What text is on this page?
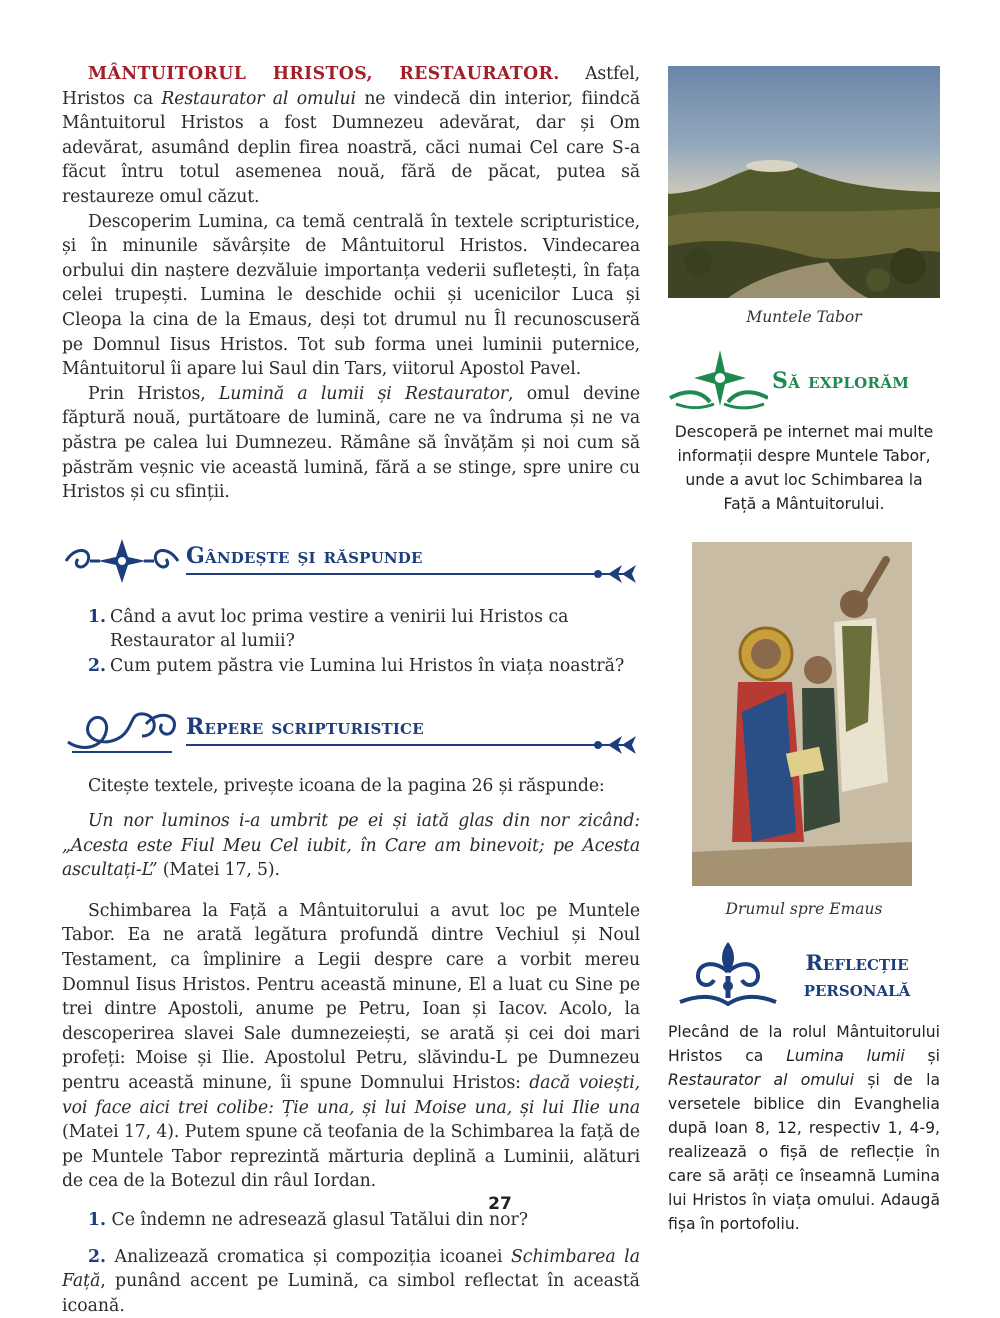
MÂNTUITORUL HRISTOS, RESTAURATOR. Astfel, Hristos ca Restaurator al omului ne vindecă din interior, fiindcă Mântuitorul Hristos a fost Dumnezeu adevărat, dar și Om adevărat, asumând deplin firea noastră, căci numai Cel care S-a făcut întru totul asemenea nouă, fără de păcat, putea să restaureze omul căzut.

Descoperim Lumina, ca temă centrală în textele scripturistice, și în minunile săvârșite de Mântuitorul Hristos. Vindecarea orbului din naștere dezvăluie importanța vederii sufletești, în fața celei trupești. Lumina le deschide ochii și ucenicilor Luca și Cleopa la cina de la Emaus, deși tot drumul nu Îl recunoscuseră pe Domnul Iisus Hristos. Tot sub forma unei luminii puternice, Mântuitorul îi apare lui Saul din Tars, viitorul Apostol Pavel.

Prin Hristos, Lumină a lumii și Restaurator, omul devine făptură nouă, purtătoare de lumină, care ne va îndruma și ne va păstra pe calea lui Dumnezeu. Rămâne să învățăm și noi cum să păstrăm veșnic vie această lumină, fără a se stinge, spre unire cu Hristos și cu sfinții.

Gândește și răspunde
1. Când a avut loc prima vestire a venirii lui Hristos ca Restaurator al lumii?
2. Cum putem păstra vie Lumina lui Hristos în viața noastră?
Repere scripturistice

Citește textele, privește icoana de la pagina 26 și răspunde:

Un nor luminos i-a umbrit pe ei și iată glas din nor zicând: „Acesta este Fiul Meu Cel iubit, în Care am binevoit; pe Acesta ascultați-L” (Matei 17, 5).

Schimbarea la Față a Mântuitorului a avut loc pe Muntele Tabor. Ea ne arată legătura profundă dintre Vechiul și Noul Testament, ca împlinire a Legii despre care a vorbit mereu Domnul Iisus Hristos. Pentru această minune, El a luat cu Sine pe trei dintre Apostoli, anume pe Petru, Ioan și Iacov. Acolo, la descoperirea slavei Sale dumnezeiești, se arată și cei doi mari profeți: Moise și Ilie. Apostolul Petru, slăvindu-L pe Dumnezeu pentru această minune, îi spune Domnului Hristos: dacă voiești, voi face aici trei colibe: Ție una, și lui Moise una, și lui Ilie una (Matei 17, 4). Putem spune că teofania de la Schimbarea la față de pe Muntele Tabor reprezintă mărturia deplină a Luminii, alături de cea de la Botezul din râul Iordan.

1. Ce îndemn ne adresează glasul Tatălui din nor?

2. Analizează cromatica și compoziția icoanei Schimbarea la Față, punând accent pe Lumină, ca simbol reflectat în această icoană.

Muntele Tabor
Să explorăm

Descoperă pe internet mai multe informații despre Muntele Tabor, unde a avut loc Schimbarea la Față a Mântuitorului.

Drumul spre Emaus
Reflecție
personală

Plecând de la rolul Mântuitorului Hristos ca Lumina lumii și Restaurator al omului și de la versetele biblice din Evanghelia după Ioan 8, 12, respectiv 1, 4-9, realizează o fișă de reflecție în care să arăți ce înseamnă Lumina lui Hristos în viața omului. Adaugă fișa în portofoliu.

27
